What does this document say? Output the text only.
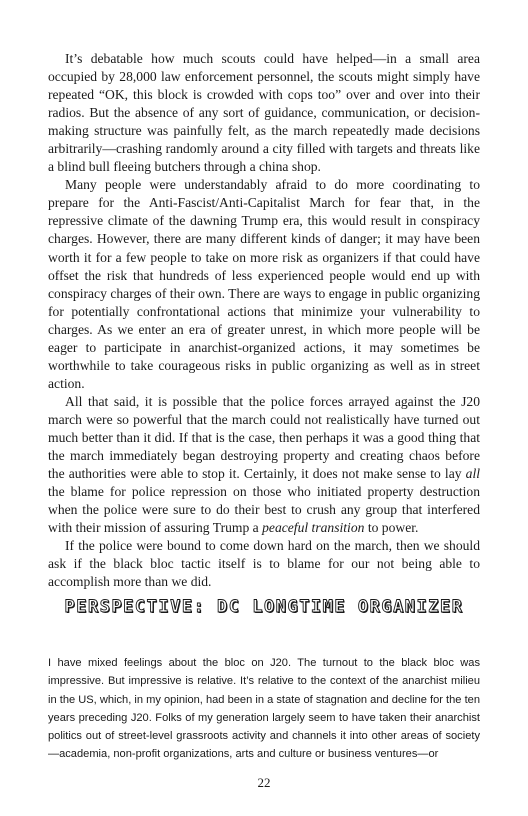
It’s debatable how much scouts could have helped—in a small area occupied by 28,000 law enforcement personnel, the scouts might simply have repeated “OK, this block is crowded with cops too” over and over into their radios. But the absence of any sort of guidance, communication, or decision-making structure was painfully felt, as the march repeatedly made decisions arbitrarily—crashing randomly around a city filled with targets and threats like a blind bull fleeing butchers through a china shop.

Many people were understandably afraid to do more coordinating to prepare for the Anti-Fascist/Anti-Capitalist March for fear that, in the repressive climate of the dawning Trump era, this would result in conspiracy charges. However, there are many different kinds of danger; it may have been worth it for a few people to take on more risk as organizers if that could have offset the risk that hundreds of less experienced people would end up with conspiracy charges of their own. There are ways to engage in public organizing for potentially confrontational actions that minimize your vulnerability to charges. As we enter an era of greater unrest, in which more people will be eager to participate in anarchist-organized actions, it may sometimes be worthwhile to take courageous risks in public organizing as well as in street action.

All that said, it is possible that the police forces arrayed against the J20 march were so powerful that the march could not realistically have turned out much better than it did. If that is the case, then perhaps it was a good thing that the march immediately began destroying property and creating chaos before the authorities were able to stop it. Certainly, it does not make sense to lay all the blame for police repression on those who initiated property destruction when the police were sure to do their best to crush any group that interfered with their mission of assuring Trump a peaceful transition to power.

If the police were bound to come down hard on the march, then we should ask if the black bloc tactic itself is to blame for our not being able to accomplish more than we did.

PERSPECTIVE: DC LONGTIME ORGANIZER

I have mixed feelings about the bloc on J20. The turnout to the black bloc was impressive. But impressive is relative. It’s relative to the context of the anarchist milieu in the US, which, in my opinion, had been in a state of stagnation and decline for the ten years preceding J20. Folks of my generation largely seem to have taken their anarchist politics out of street-level grassroots activity and channels it into other areas of society—academia, non-profit organizations, arts and culture or business ventures—or

22
